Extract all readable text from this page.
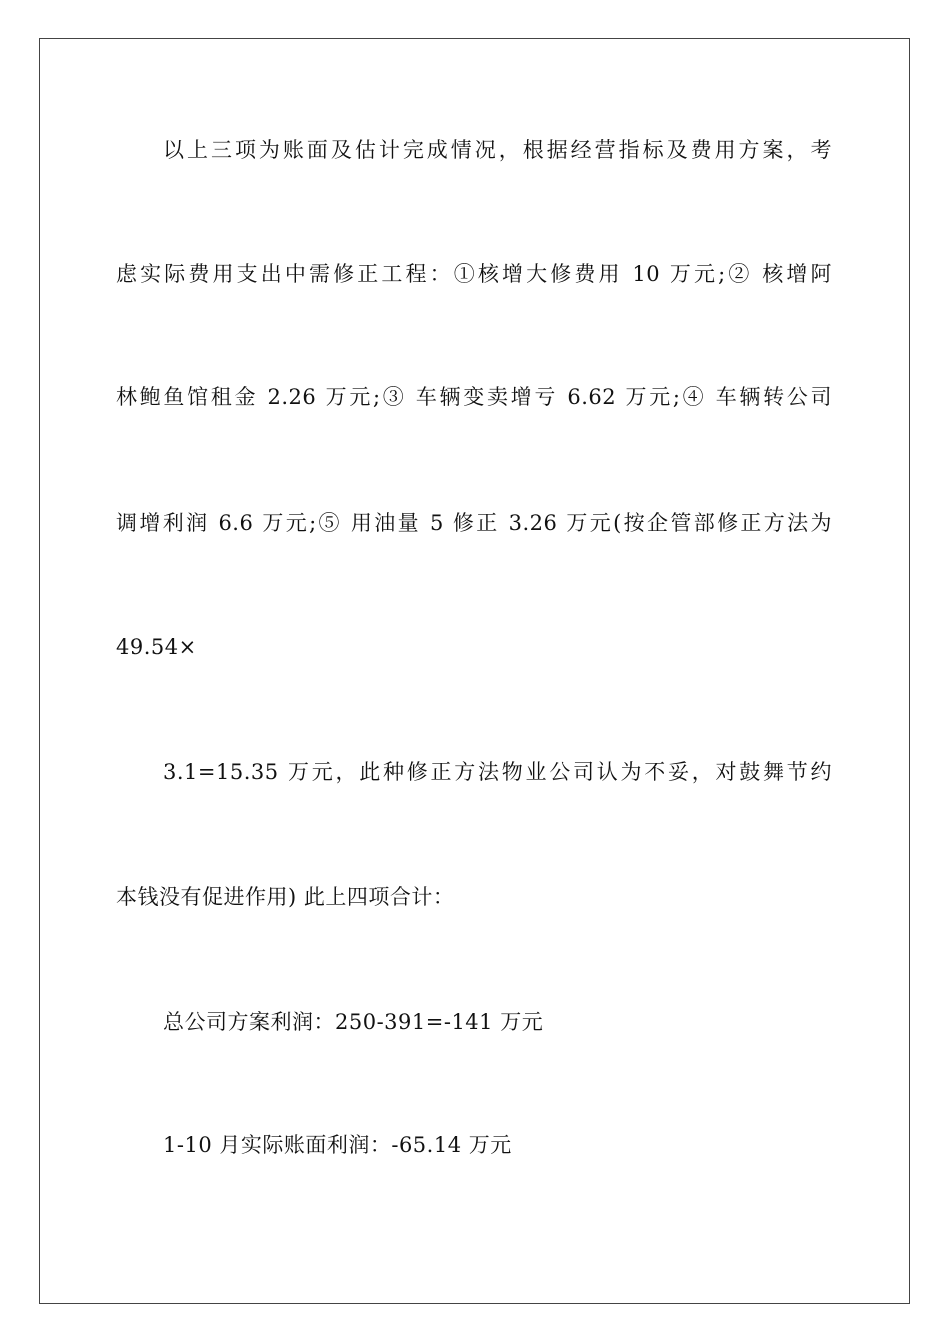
以上三项为账面及估计完成情况，根据经营指标及费用方案，考
虑实际费用支出中需修正工程：①核增大修费用 10 万元;② 核增阿
林鲍鱼馆租金 2.26 万元;③ 车辆变卖增亏 6.62 万元;④ 车辆转公司
调增利润 6.6 万元;⑤ 用油量 5 修正 3.26 万元(按企管部修正方法为
49.54×
3.1=15.35 万元，此种修正方法物业公司认为不妥，对鼓舞节约
本钱没有促进作用) 此上四项合计：
总公司方案利润：250-391=-141 万元
1-10 月实际账面利润：-65.14 万元
